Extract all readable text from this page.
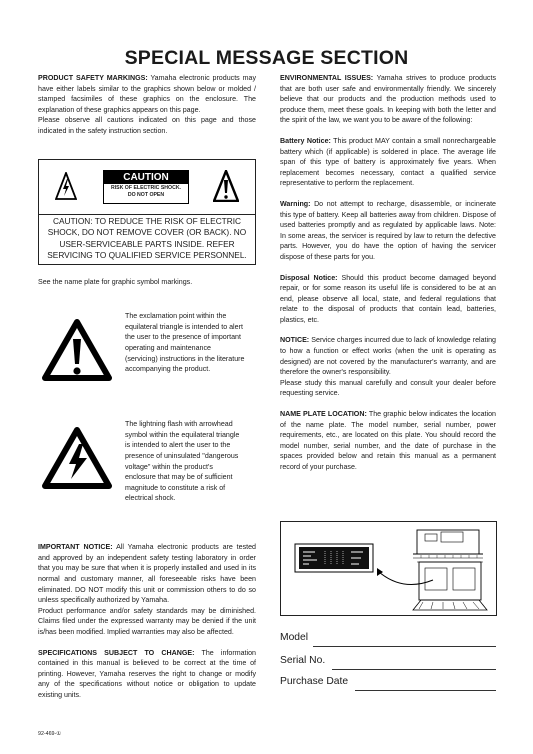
SPECIAL MESSAGE SECTION

PRODUCT SAFETY MARKINGS: Yamaha electronic products may have either labels similar to the graphics shown below or molded / stamped facsimiles of these graphics on the enclosure. The explanation of these graphics appears on this page.

Please observe all cautions indicated on this page and those indicated in the safety instruction section.

CAUTION
RISK OF ELECTRIC SHOCK.
DO NOT OPEN
CAUTION: TO REDUCE THE RISK OF ELECTRIC SHOCK, DO NOT REMOVE COVER (OR BACK). NO USER-SERVICEABLE PARTS INSIDE. REFER SERVICING TO QUALIFIED SERVICE PERSONNEL.

See the name plate for graphic symbol markings.

The exclamation point within the equilateral triangle is intended to alert the user to the presence of important operating and maintenance (servicing) instructions in the literature accompanying the product.
The lightning flash with arrowhead symbol within the equilateral triangle is intended to alert the user to the presence of uninsulated "dangerous voltage" within the product's enclosure that may be of sufficient magnitude to constitute a risk of electrical shock.

IMPORTANT NOTICE: All Yamaha electronic products are tested and approved by an independent safety testing laboratory in order that you may be sure that when it is properly installed and used in its normal and customary manner, all foreseeable risks have been eliminated. DO NOT modify this unit or commission others to do so unless specifically authorized by Yamaha.

Product performance and/or safety standards may be diminished. Claims filed under the expressed warranty may be denied if the unit is/has been modified. Implied warranties may also be affected.

SPECIFICATIONS SUBJECT TO CHANGE: The information contained in this manual is believed to be correct at the time of printing. However, Yamaha reserves the right to change or modify any of the specifications without notice or obligation to update existing units.

ENVIRONMENTAL ISSUES: Yamaha strives to produce products that are both user safe and environmentally friendly. We sincerely believe that our products and the production methods used to produce them, meet these goals. In keeping with both the letter and the spirit of the law, we want you to be aware of the following:

Battery Notice: This product MAY contain a small nonrechargeable battery which (if applicable) is soldered in place. The average life span of this type of battery is approximately five years. When replacement becomes necessary, contact a qualified service representative to perform the replacement.

Warning: Do not attempt to recharge, disassemble, or incinerate this type of battery. Keep all batteries away from children. Dispose of used batteries promptly and as regulated by applicable laws. Note: In some areas, the servicer is required by law to return the defective parts. However, you do have the option of having the servicer dispose of these parts for you.

Disposal Notice: Should this product become damaged beyond repair, or for some reason its useful life is considered to be at an end, please observe all local, state, and federal regulations that relate to the disposal of products that contain lead, batteries, plastics, etc.

NOTICE: Service charges incurred due to lack of knowledge relating to how a function or effect works (when the unit is operating as designed) are not covered by the manufacturer's warranty, and are therefore the owner's responsibility.

Please study this manual carefully and consult your dealer before requesting service.

NAME PLATE LOCATION: The graphic below indicates the location of the name plate. The model number, serial number, power requirements, etc., are located on this plate. You should record the model number, serial number, and the date of purchase in the spaces provided below and retain this manual as a permanent record of your purchase.

Model
Serial No.
Purchase Date
92-469-①
